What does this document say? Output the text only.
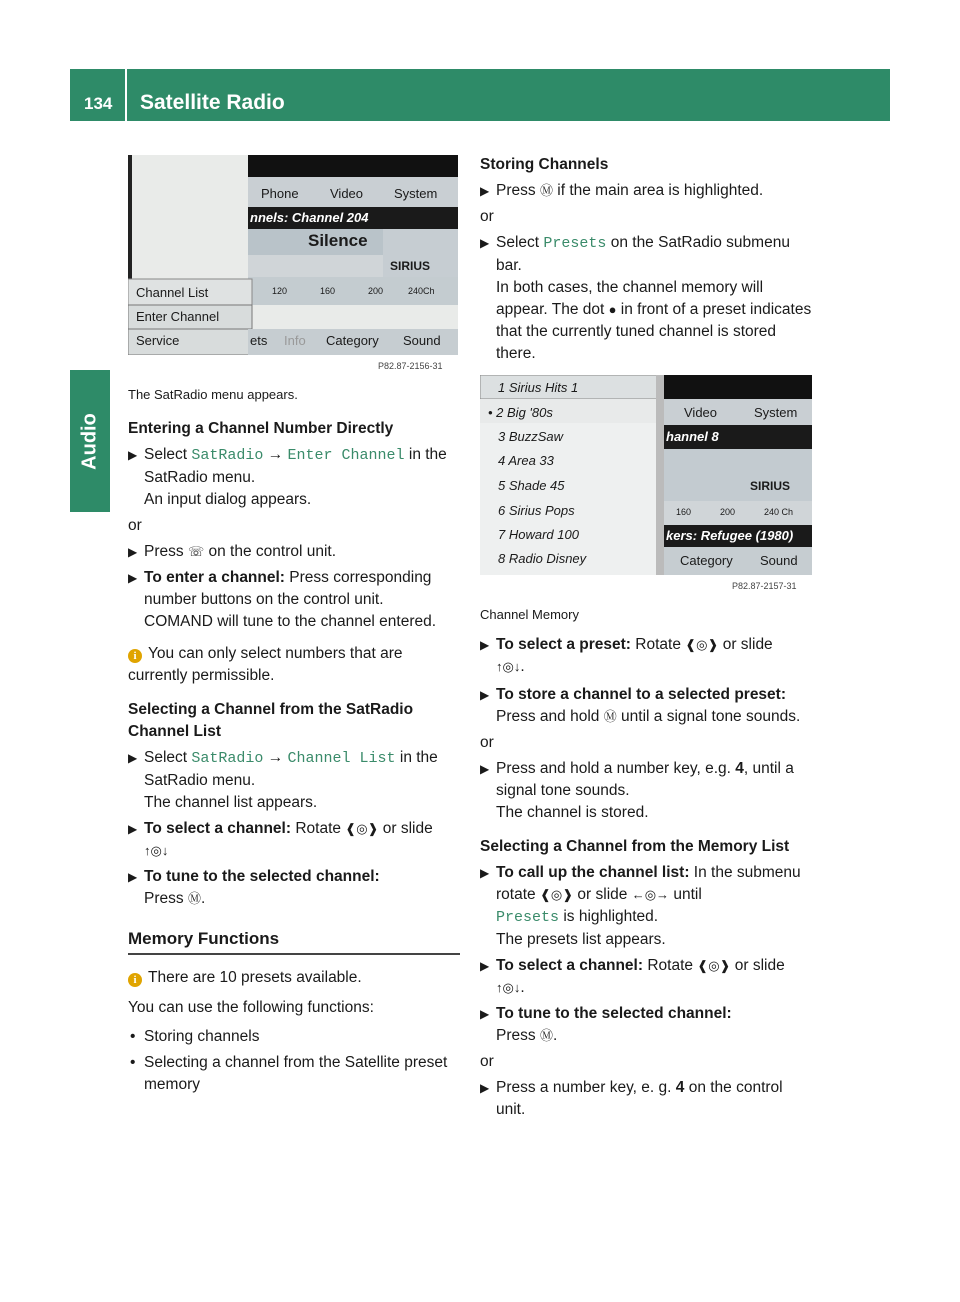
134 Satellite Radio
Audio
Phone Video System
nnels: Channel 204
Silence
SIRIUS
Channel List
Enter Channel
Service
120	160	200	240Ch
ets Info Category Sound
P82.87-2156-31
1 Sirius Hits 1
• 2 Big '80s
3 BuzzSaw
4 Area 33
5 Shade 45
6 Sirius Pops
7 Howard 100
8 Radio Disney
Video	System
hannel 8
SIRIUS
160	200	240 Ch
kers: Refugee (1980)
Category Sound
P82.87-2157-31

The SatRadio menu appears.

Entering a Channel Number Directly

▶ Select SatRadio → Enter Channel in the SatRadio menu.

An input dialog appears.

or

▶ Press ☏ on the control unit.

▶ To enter a channel: Press corresponding number buttons on the control unit.
COMAND will tune to the channel entered.

i You can only select numbers that are currently permissible.

Selecting a Channel from the SatRadio Channel List

▶ Select SatRadio → Channel List in the SatRadio menu.
The channel list appears.

▶ To select a channel: Rotate ❰◎❱ or slide
↑◎↓

▶ To tune to the selected channel:
Press Ⓜ.

Memory Functions

i There are 10 presets available.

You can use the following functions:

• Storing channels

• Selecting a channel from the Satellite preset memory

Storing Channels

▶ Press Ⓜ if the main area is highlighted.

or

▶ Select Presets on the SatRadio submenu bar.
In both cases, the channel memory will appear. The dot ● in front of a preset indicates that the currently tuned channel is stored there.

Channel Memory

▶ To select a preset: Rotate ❰◎❱ or slide
↑◎↓.

▶ To store a channel to a selected preset:
Press and hold Ⓜ until a signal tone sounds.

or

▶ Press and hold a number key, e.g. 4, until a signal tone sounds.
The channel is stored.

Selecting a Channel from the Memory List

▶ To call up the channel list: In the submenu rotate ❰◎❱ or slide ←◎→ until
Presets is highlighted.
The presets list appears.

▶ To select a channel: Rotate ❰◎❱ or slide
↑◎↓.

▶ To tune to the selected channel:
Press Ⓜ.

or

▶ Press a number key, e. g. 4 on the control unit.
